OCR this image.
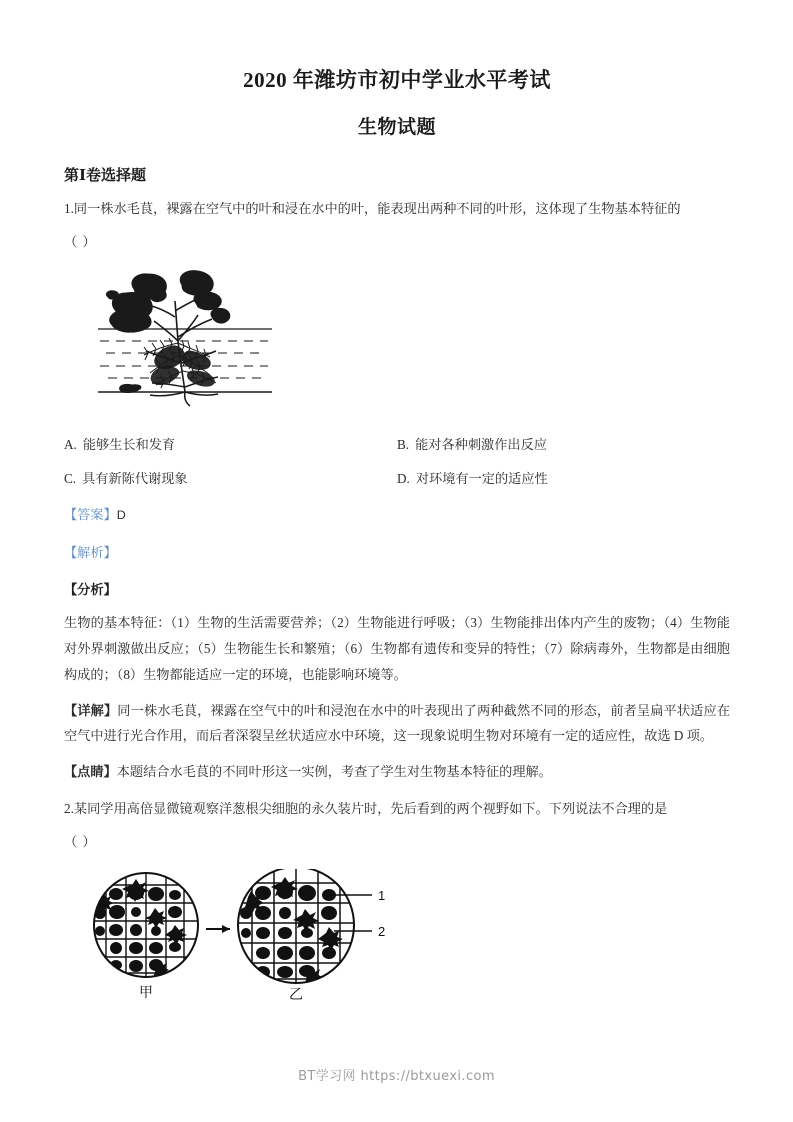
2020 年潍坊市初中学业水平考试
生物试题
第Ⅰ卷选择题
1.同一株水毛茛，裸露在空气中的叶和浸在水中的叶，能表现出两种不同的叶形，这体现了生物基本特征的
（ ）
A. 能够生长和发育	B. 能对各种刺激作出反应
C. 具有新陈代谢现象	D. 对环境有一定的适应性
【答案】D
【解析】
【分析】
生物的基本特征：（1）生物的生活需要营养；（2）生物能进行呼吸；（3）生物能排出体内产生的废物；（4）生物能对外界刺激做出反应；（5）生物能生长和繁殖；（6）生物都有遗传和变异的特性；（7）除病毒外，生物都是由细胞构成的；（8）生物都能适应一定的环境，也能影响环境等。
【详解】同一株水毛茛，裸露在空气中的叶和浸泡在水中的叶表现出了两种截然不同的形态，前者呈扁平状适应在空气中进行光合作用，而后者深裂呈丝状适应水中环境，这一现象说明生物对环境有一定的适应性，故选 D 项。
【点睛】本题结合水毛茛的不同叶形这一实例，考查了学生对生物基本特征的理解。
2.某同学用高倍显微镜观察洋葱根尖细胞的永久装片时，先后看到的两个视野如下。下列说法不合理的是
（ ）
甲	乙
1
2
BT学习网 https://btxuexi.com
